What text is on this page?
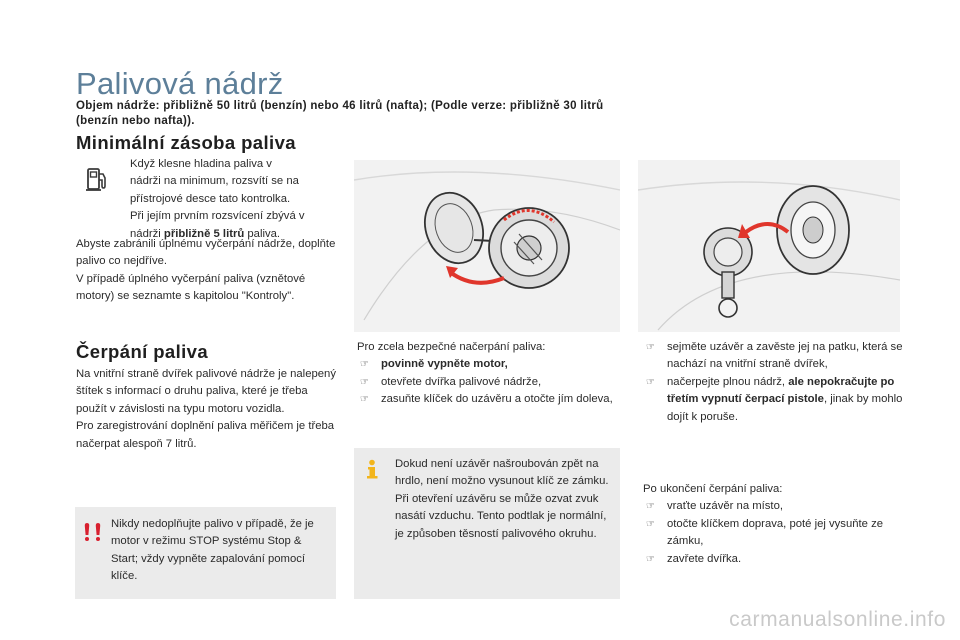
Palivová nádrž
Objem nádrže: přibližně 50 litrů (benzín) nebo 46 litrů (nafta); (Podle verze: přibližně 30 litrů (benzín nebo nafta)).
Minimální zásoba paliva
Když klesne hladina paliva v
nádrži na minimum, rozsvítí se na
přístrojové desce tato kontrolka.
Při jejím prvním rozsvícení zbývá v
nádrži přibližně 5 litrů paliva.

Abyste zabránili úplnému vyčerpání nádrže, doplňte palivo co nejdříve.

V případě úplného vyčerpání paliva (vznětové motory) se seznamte s kapitolou "Kontroly".

Čerpání paliva

Na vnitřní straně dvířek palivové nádrže je nalepený štítek s informací o druhu paliva, které je třeba použít v závislosti na typu motoru vozidla.

Pro zaregistrování doplnění paliva měřičem je třeba načerpat alespoň 7 litrů.

Nikdy nedoplňujte palivo v případě, že je motor v režimu STOP systému Stop & Start; vždy vypněte zapalování pomocí klíče.

Pro zcela bezpečné načerpání paliva:

☞ povinně vypněte motor,
☞ otevřete dvířka palivové nádrže,
☞ zasuňte klíček do uzávěru a otočte jím doleva,

Dokud není uzávěr našroubován zpět na hrdlo, není možno vysunout klíč ze zámku.

Při otevření uzávěru se může ozvat zvuk nasátí vzduchu. Tento podtlak je normální, je způsoben těsností palivového okruhu.

☞ sejměte uzávěr a zavěste jej na patku, která se nachází na vnitřní straně dvířek,
☞ načerpejte plnou nádrž, ale nepokračujte po třetím vypnutí čerpací pistole, jinak by mohlo dojít k poruše.

Po ukončení čerpání paliva:

☞ vraťte uzávěr na místo,
☞ otočte klíčkem doprava, poté jej vysuňte ze zámku,
☞ zavřete dvířka.
carmanualsonline.info
